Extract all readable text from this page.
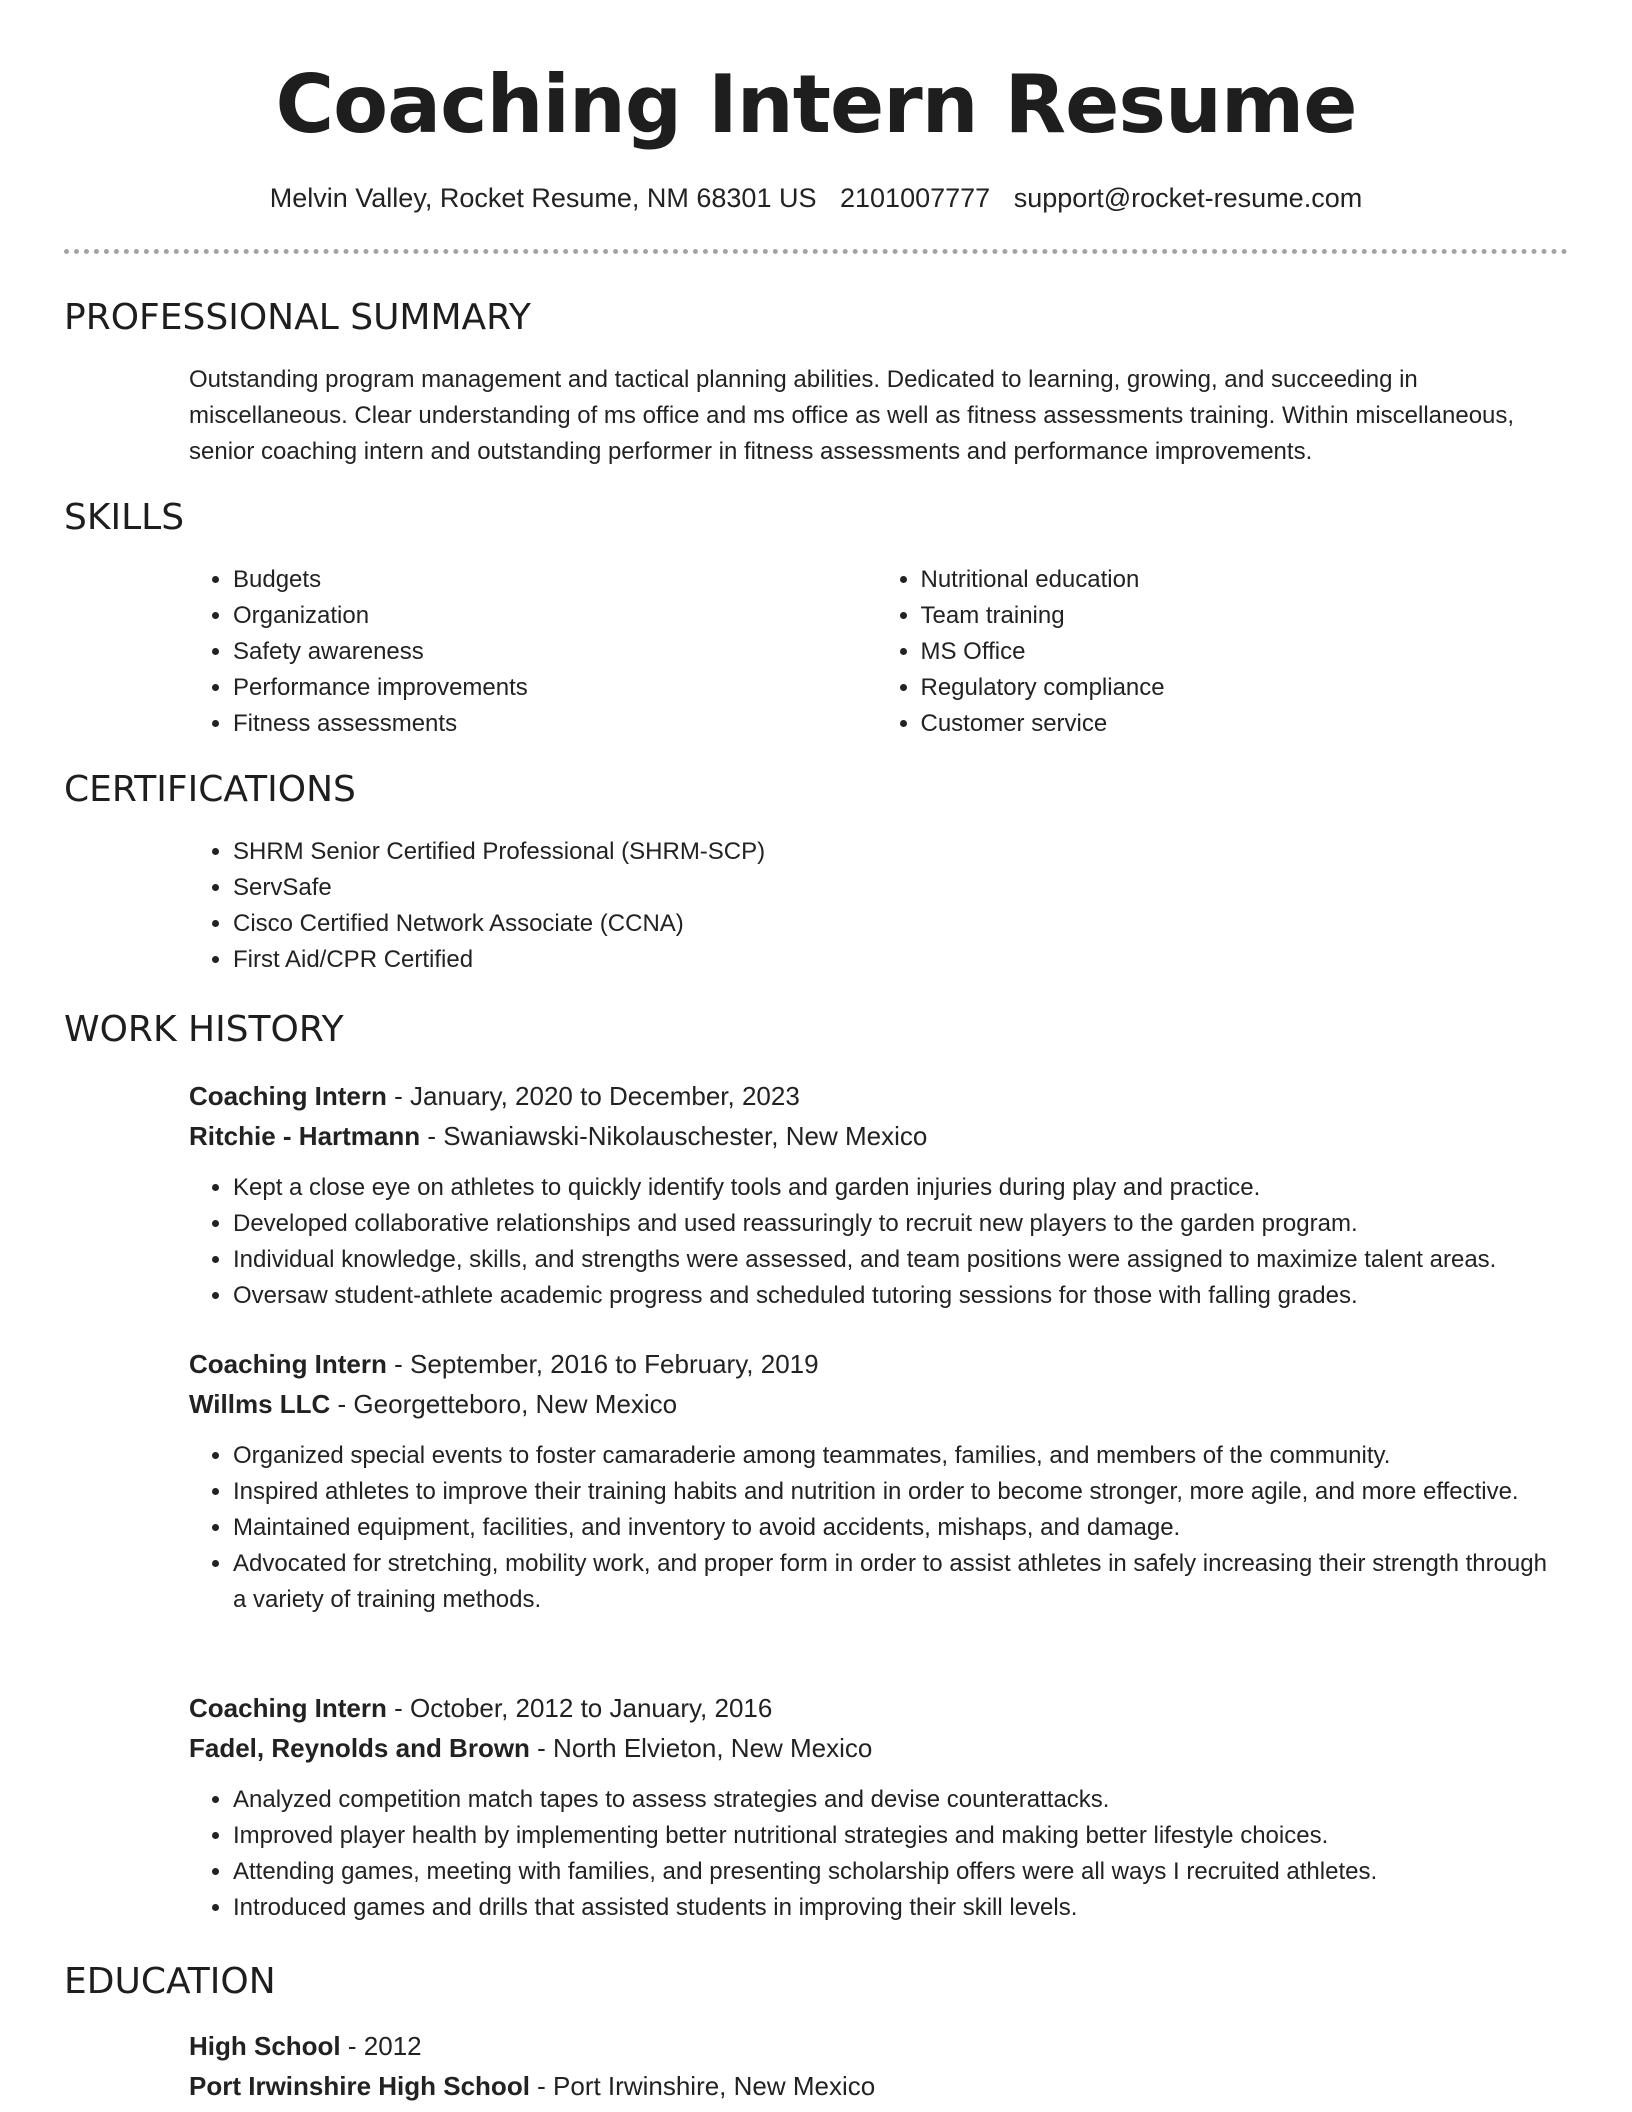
Coaching Intern Resume
Melvin Valley, Rocket Resume, NM 68301 US 2101007777 support@rocket-resume.com
PROFESSIONAL SUMMARY

Outstanding program management and tactical planning abilities. Dedicated to learning, growing, and succeeding in miscellaneous. Clear understanding of ms office and ms office as well as fitness assessments training. Within miscellaneous, senior coaching intern and outstanding performer in fitness assessments and performance improvements.

SKILLS
• Budgets
• Organization
• Safety awareness
• Performance improvements
• Fitness assessments
• Nutritional education
• Team training
• MS Office
• Regulatory compliance
• Customer service
CERTIFICATIONS
• SHRM Senior Certified Professional (SHRM-SCP)
• ServSafe
• Cisco Certified Network Associate (CCNA)
• First Aid/CPR Certified
WORK HISTORY
Coaching Intern - January, 2020 to December, 2023
Ritchie - Hartmann - Swaniawski-Nikolauschester, New Mexico
• Kept a close eye on athletes to quickly identify tools and garden injuries during play and practice.
• Developed collaborative relationships and used reassuringly to recruit new players to the garden program.
• Individual knowledge, skills, and strengths were assessed, and team positions were assigned to maximize talent areas.
• Oversaw student-athlete academic progress and scheduled tutoring sessions for those with falling grades.
Coaching Intern - September, 2016 to February, 2019
Willms LLC - Georgetteboro, New Mexico
• Organized special events to foster camaraderie among teammates, families, and members of the community.
• Inspired athletes to improve their training habits and nutrition in order to become stronger, more agile, and more effective.
• Maintained equipment, facilities, and inventory to avoid accidents, mishaps, and damage.
• Advocated for stretching, mobility work, and proper form in order to assist athletes in safely increasing their strength through a variety of training methods.
Coaching Intern - October, 2012 to January, 2016
Fadel, Reynolds and Brown - North Elvieton, New Mexico
• Analyzed competition match tapes to assess strategies and devise counterattacks.
• Improved player health by implementing better nutritional strategies and making better lifestyle choices.
• Attending games, meeting with families, and presenting scholarship offers were all ways I recruited athletes.
• Introduced games and drills that assisted students in improving their skill levels.
EDUCATION
High School - 2012
Port Irwinshire High School - Port Irwinshire, New Mexico
